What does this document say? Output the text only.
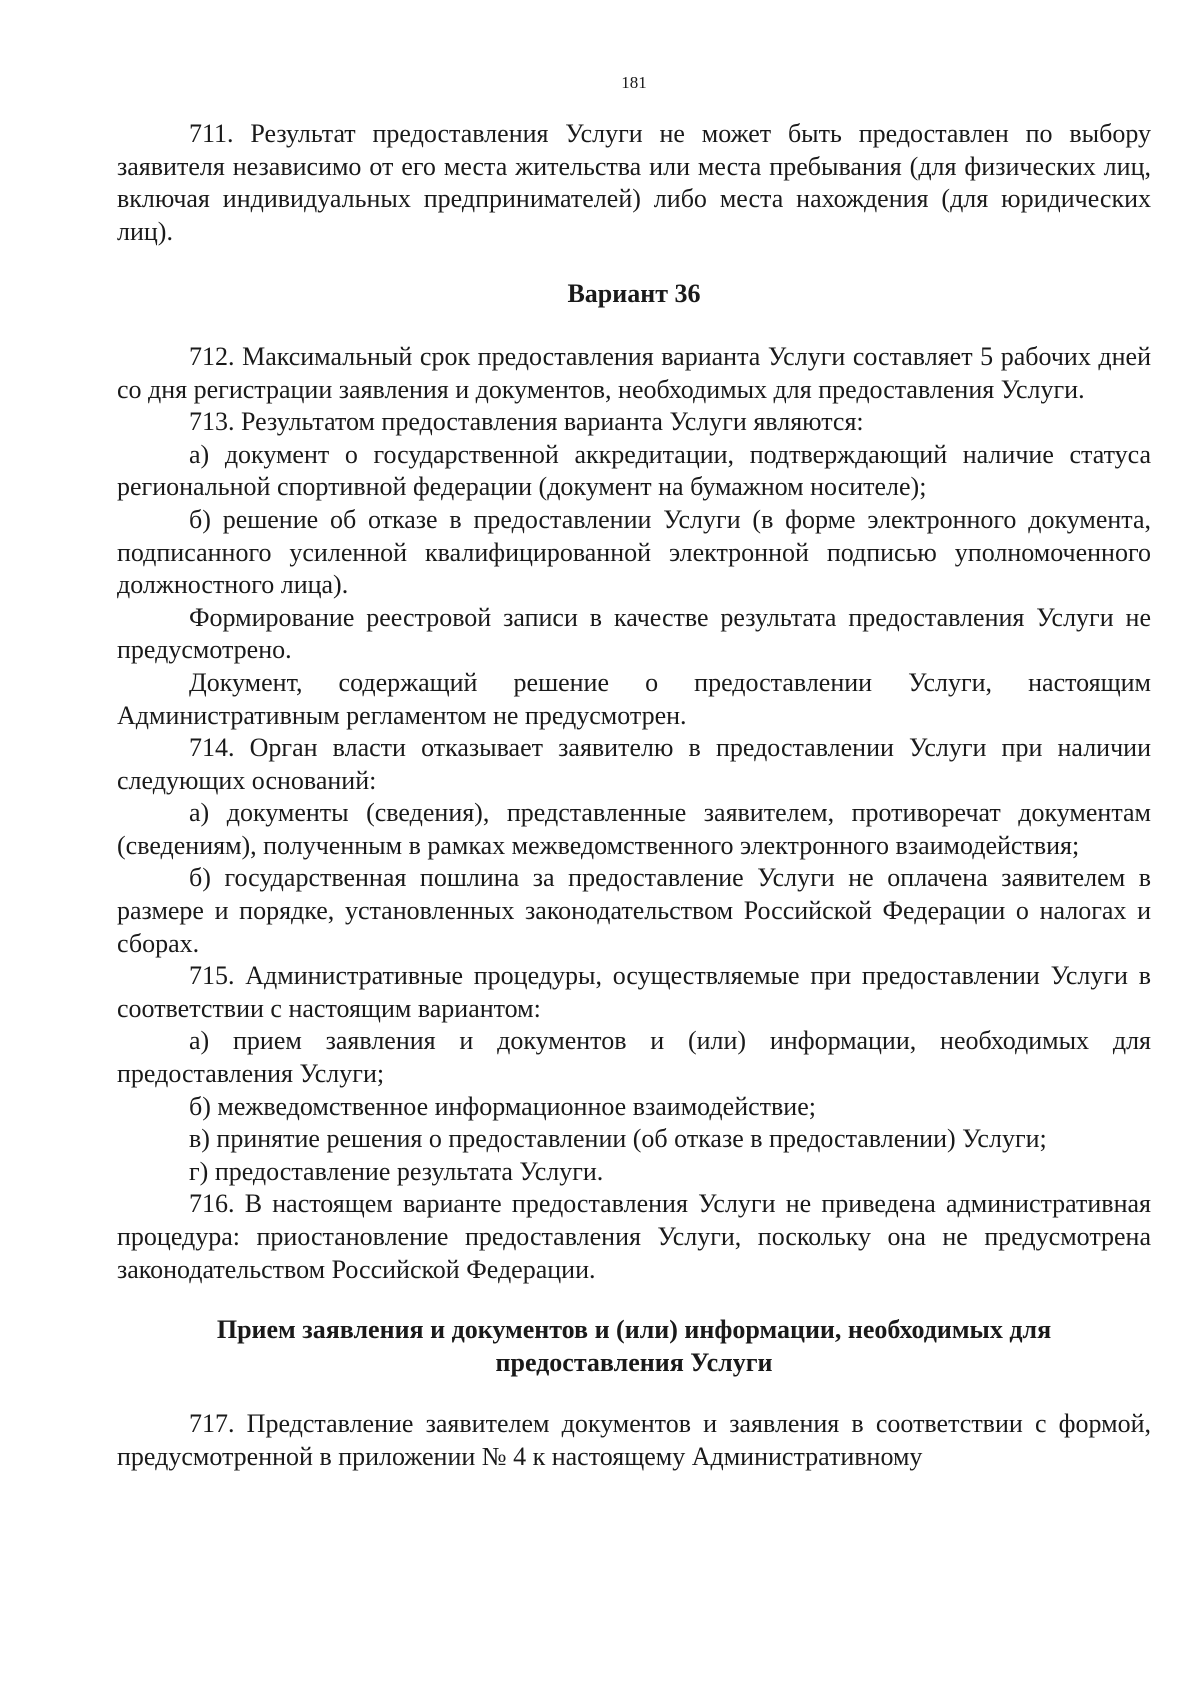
181

711. Результат предоставления Услуги не может быть предоставлен по выбору заявителя независимо от его места жительства или места пребывания (для физических лиц, включая индивидуальных предпринимателей) либо места нахождения (для юридических лиц).

Вариант 36

712. Максимальный срок предоставления варианта Услуги составляет 5 рабочих дней со дня регистрации заявления и документов, необходимых для предоставления Услуги.

713. Результатом предоставления варианта Услуги являются:

а) документ о государственной аккредитации, подтверждающий наличие статуса региональной спортивной федерации (документ на бумажном носителе);

б) решение об отказе в предоставлении Услуги (в форме электронного документа, подписанного усиленной квалифицированной электронной подписью уполномоченного должностного лица).

Формирование реестровой записи в качестве результата предоставления Услуги не предусмотрено.

Документ, содержащий решение о предоставлении Услуги, настоящим Административным регламентом не предусмотрен.

714. Орган власти отказывает заявителю в предоставлении Услуги при наличии следующих оснований:

а) документы (сведения), представленные заявителем, противоречат документам (сведениям), полученным в рамках межведомственного электронного взаимодействия;

б) государственная пошлина за предоставление Услуги не оплачена заявителем в размере и порядке, установленных законодательством Российской Федерации о налогах и сборах.

715. Административные процедуры, осуществляемые при предоставлении Услуги в соответствии с настоящим вариантом:

а) прием заявления и документов и (или) информации, необходимых для предоставления Услуги;

б) межведомственное информационное взаимодействие;

в) принятие решения о предоставлении (об отказе в предоставлении) Услуги;

г) предоставление результата Услуги.

716. В настоящем варианте предоставления Услуги не приведена административная процедура: приостановление предоставления Услуги, поскольку она не предусмотрена законодательством Российской Федерации.

Прием заявления и документов и (или) информации, необходимых для

предоставления Услуги

717. Представление заявителем документов и заявления в соответствии с формой, предусмотренной в приложении № 4 к настоящему Административному
